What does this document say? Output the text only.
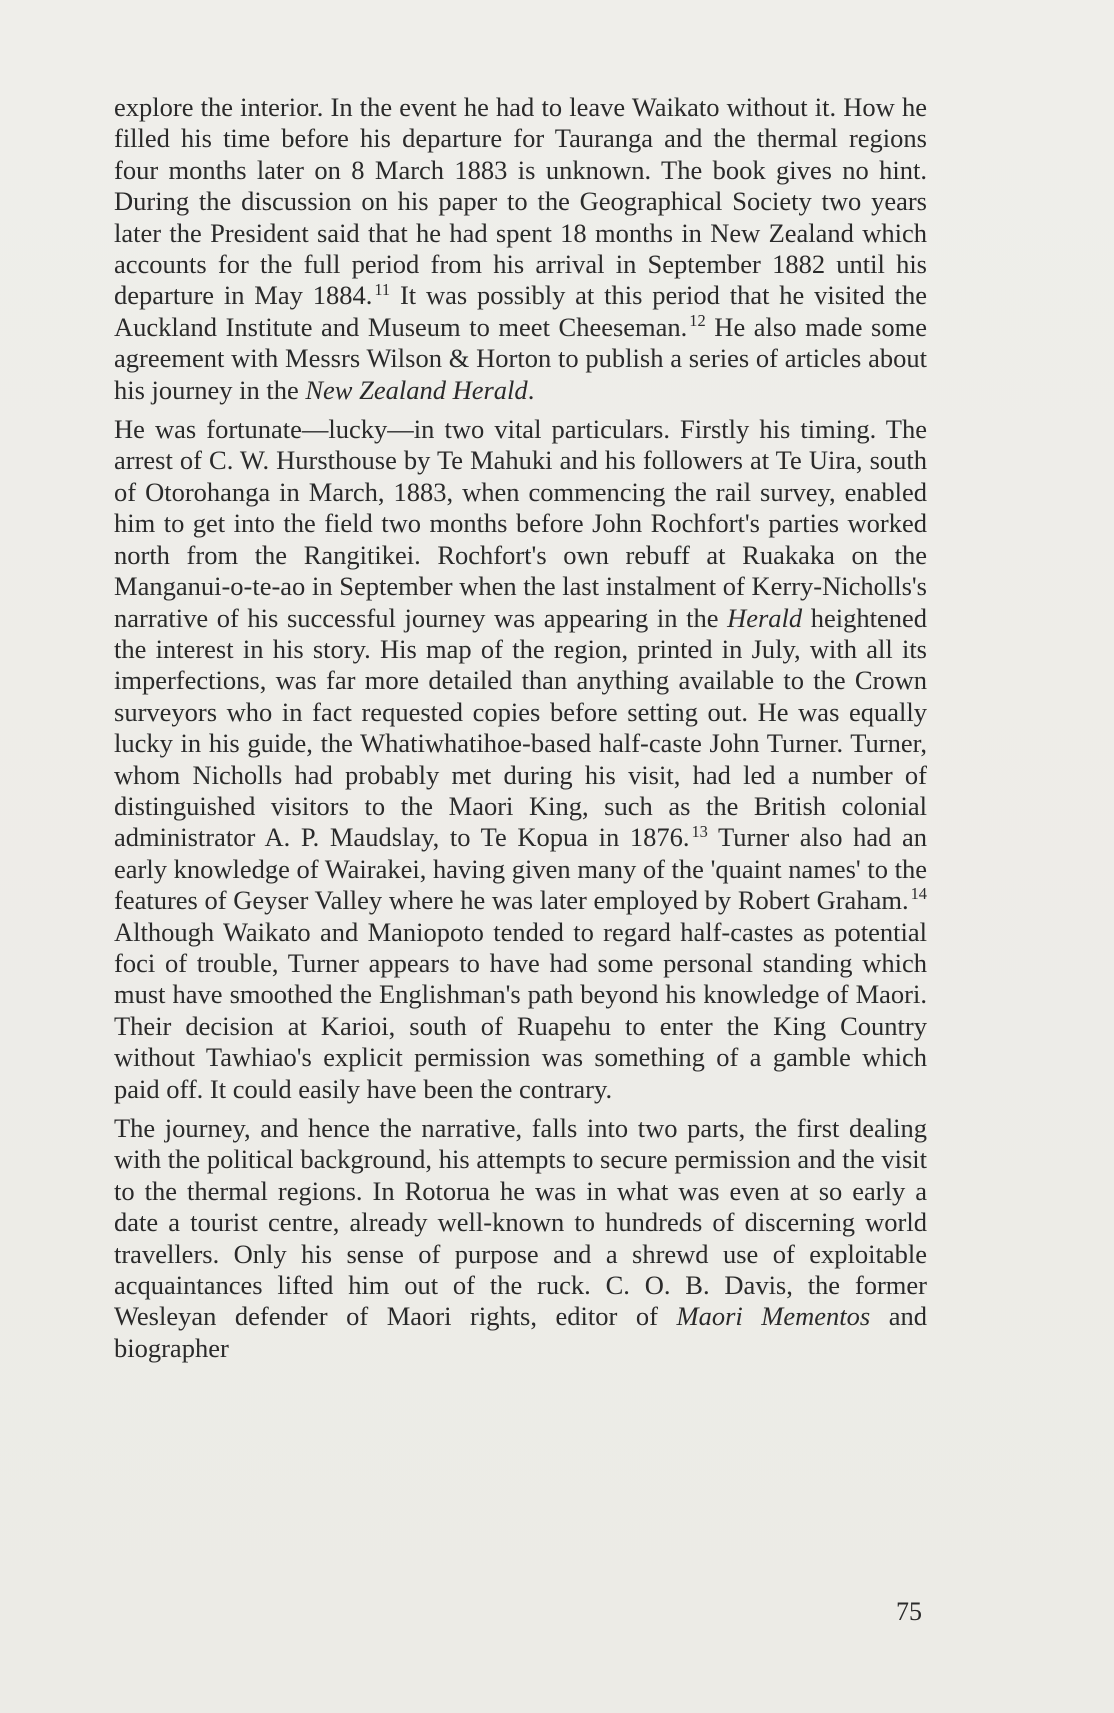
explore the interior. In the event he had to leave Waikato without it. How he filled his time before his departure for Tauranga and the thermal regions four months later on 8 March 1883 is unknown. The book gives no hint. During the discussion on his paper to the Geographical Society two years later the President said that he had spent 18 months in New Zealand which accounts for the full period from his arrival in September 1882 until his departure in May 1884. $^{11}$ It was possibly at this period that he visited the Auckland Institute and Museum to meet Cheeseman. $^{12}$ He also made some agreement with Messrs Wilson & Horton to publish a series of articles about his journey in the New Zealand Herald.

He was fortunate—lucky—in two vital particulars. Firstly his timing. The arrest of C. W. Hursthouse by Te Mahuki and his followers at Te Uira, south of Otorohanga in March, 1883, when commencing the rail survey, enabled him to get into the field two months before John Rochfort's parties worked north from the Rangitikei. Rochfort's own rebuff at Ruakaka on the Manganui-o-te-ao in September when the last instalment of Kerry-Nicholls's narrative of his successful journey was appearing in the Herald heightened the interest in his story. His map of the region, printed in July, with all its imperfections, was far more detailed than anything available to the Crown surveyors who in fact requested copies before setting out. He was equally lucky in his guide, the Whatiwhatihoe-based half-caste John Turner. Turner, whom Nicholls had probably met during his visit, had led a number of distinguished visitors to the Maori King, such as the British colonial administrator A. P. Maudslay, to Te Kopua in 1876. $^{13}$ Turner also had an early knowledge of Wairakei, having given many of the 'quaint names' to the features of Geyser Valley where he was later employed by Robert Graham. $^{14}$ Although Waikato and Maniopoto tended to regard half-castes as potential foci of trouble, Turner appears to have had some personal standing which must have smoothed the Englishman's path beyond his knowledge of Maori. Their decision at Karioi, south of Ruapehu to enter the King Country without Tawhiao's explicit permission was something of a gamble which paid off. It could easily have been the contrary.

The journey, and hence the narrative, falls into two parts, the first dealing with the political background, his attempts to secure permission and the visit to the thermal regions. In Rotorua he was in what was even at so early a date a tourist centre, already well-known to hundreds of discerning world travellers. Only his sense of purpose and a shrewd use of exploitable acquaintances lifted him out of the ruck. C. O. B. Davis, the former Wesleyan defender of Maori rights, editor of Maori Mementos and biographer

75
